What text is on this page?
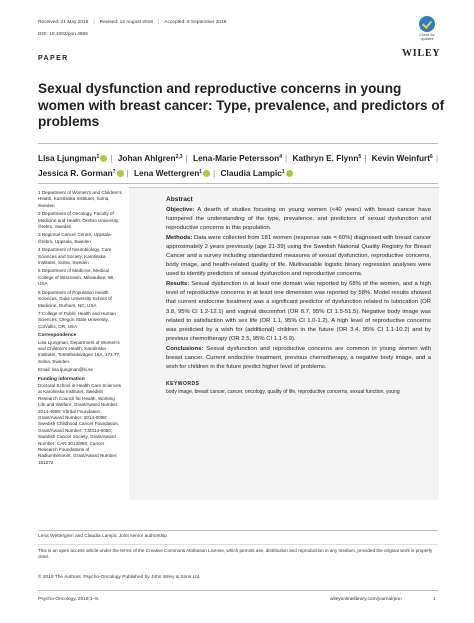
Received: 21 May 2018 | Revised: 16 August 2018 | Accepted: 6 September 2018
DOI: 10.1002/pon.4886	Check for updates
WILEY
PAPER
Sexual dysfunction and reproductive concerns in young women with breast cancer: Type, prevalence, and predictors of problems
Lisa Ljungman$^1$ | Johan Ahlgren$^{2,3}$ | Lena-Marie Petersson$^4$ | Kathryn E. Flynn$^5$ | Kevin Weinfurt$^6$ | Jessica R. Gorman$^7$ | Lena Wettergren$^1$ | Claudia Lampic$^1$

1 Department of Women's and Children's Health, Karolinska Institutet, Solna, Sweden

2 Department of Oncology, Faculty of Medicine and Health, Örebro University, Örebro, Sweden

3 Regional Cancer Centre, Uppsala-Örebro, Uppsala, Sweden

4 Department of Neurobiology, Care Sciences and Society, Karolinska Institutet, Solna, Sweden

5 Department of Medicine, Medical College of Wisconsin, Milwaukee, WI, USA

6 Department of Population Health Sciences, Duke University School of Medicine, Durham, NC, USA

7 College of Public Health and Human Sciences, Oregon State University, Corvallis, OR, USA

Correspondence

Lisa Ljungman, Department of Women's and Children's Health, Karolinska Institutet, Tomtebodavägen 18A, 171 77, Solna, Sweden.

Email: lisa.ljungman@ki.se

Funding information

Doctoral School in Health Care Sciences at Karolinska Institutet; Swedish Research Council for Health, Working Life and Welfare, Grant/Award Number: 2014-4689; Vårdal Foundation, Grant/Award Number: 2014-0098; Swedish Childhood Cancer Foundation, Grant/Award Number: TJ2014-0050; Swedish Cancer Society, Grant/Award Number: CAN 2013/886; Cancer Research Foundations of Radiumhemmet, Grant/Award Number: 161272

Abstract

Objective: A dearth of studies focusing on young women (<40 years) with breast cancer have hampered the understanding of the type, prevalence, and predictors of sexual dysfunction and reproductive concerns in this population.

Methods: Data were collected from 181 women (response rate = 60%) diagnosed with breast cancer approximately 2 years previously (age 21-39) using the Swedish National Quality Registry for Breast Cancer and a survey including standardized measures of sexual dysfunction, reproductive concerns, body image, and health-related quality of life. Multivariable logistic binary regression analyses were used to identify predictors of sexual dysfunction and reproductive concerns.

Results: Sexual dysfunction in at least one domain was reported by 68% of the women, and a high level of reproductive concerns in at least one dimension was reported by 58%. Model results showed that current endocrine treatment was a significant predictor of dysfunction related to lubrication (OR 3.8, 95% CI 1.2-12.1) and vaginal discomfort (OR 8.7, 95% CI 1.5-51.5). Negative body image was related to satisfaction with sex life (OR 1.1, 95% CI 1.0-1.2). A high level of reproductive concerns was predicted by a wish for (additional) children in the future (OR 3.4, 95% CI 1.1-10.2) and by previous chemotherapy (OR 2.5, 95% CI 1.1-5.9).

Conclusions: Sexual dysfunction and reproductive concerns are common in young women with breast cancer. Current endocrine treatment, previous chemotherapy, a negative body image, and a wish for children in the future predict higher level of problems.

KEYWORDS
body image, breast cancer, cancer, oncology, quality of life, reproductive concerns, sexual function, young
Lena Wettergren and Claudia Lampic Joint senior authorship
This is an open access article under the terms of the Creative Commons Attribution License, which permits use, distribution and reproduction in any medium, provided the original work is properly cited.
© 2018 The Authors. Psycho-Oncology Published by John Wiley & Sons Ltd.
Psycho-Oncology. 2018;1–8.	wileyonlinelibrary.com/journal/pon	1
